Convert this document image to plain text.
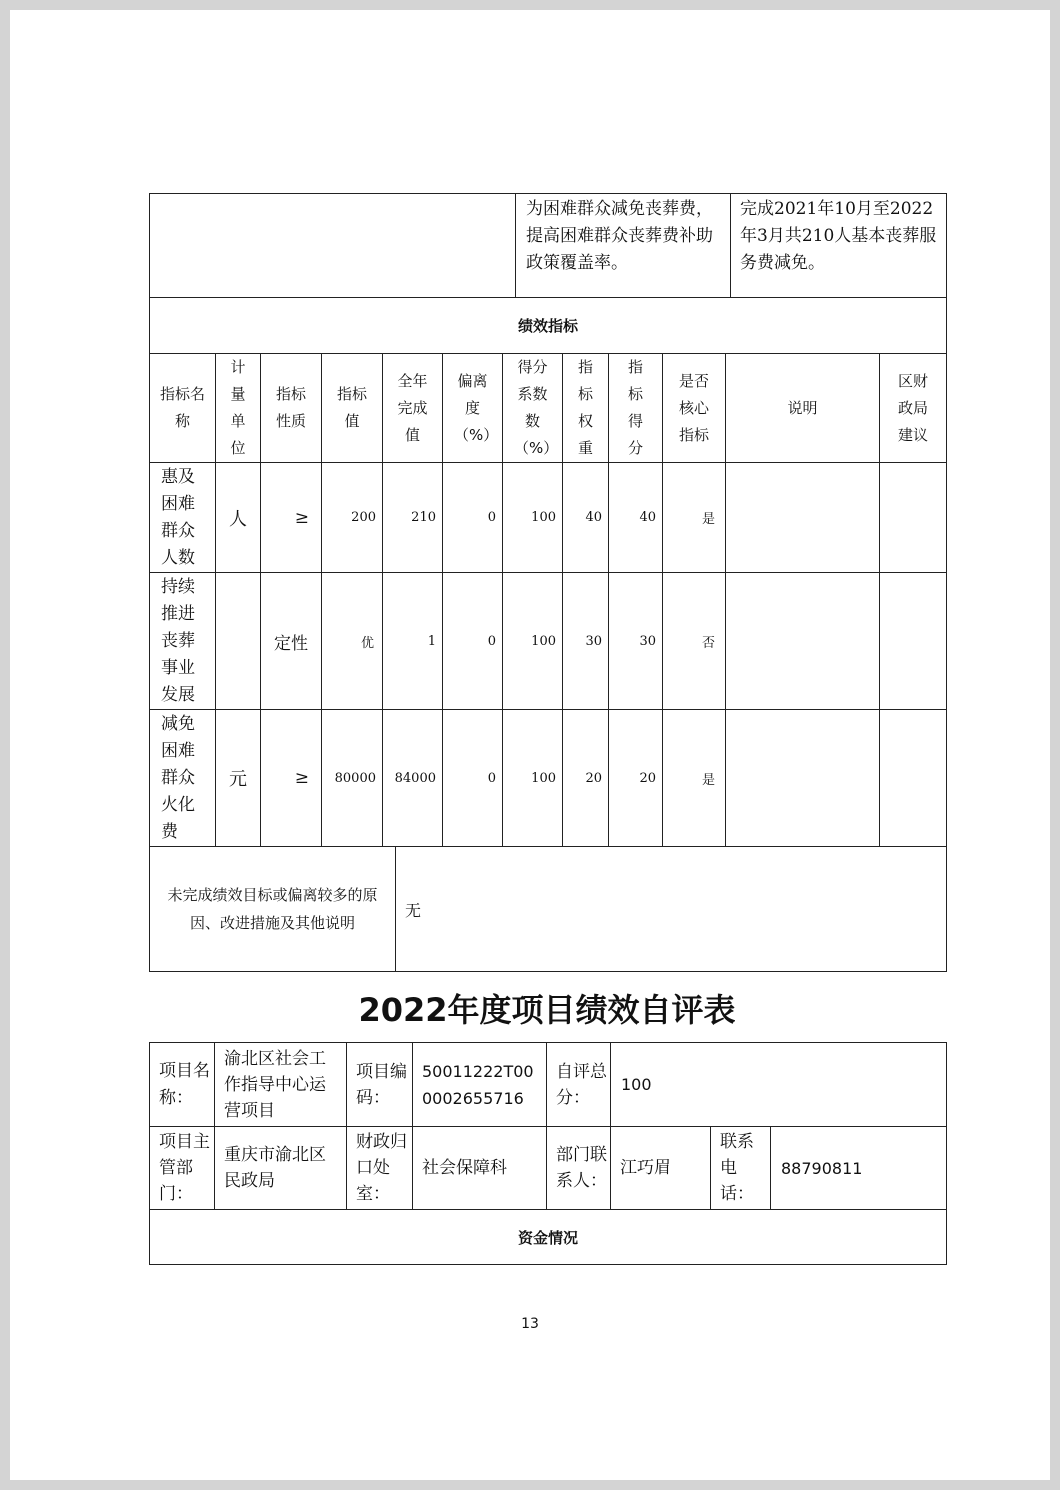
	为困难群众减免丧葬费，提高困难群众丧葬费补助政策覆盖率。	完成2021年10月至2022年3月共210人基本丧葬服务费减免。
绩效指标											
指标名称	计量单位	指标性质	指标值	全年完成值	偏离度（%）	得分系数数（%）	指标权重	指标得分	是否核心指标	说明	区财政局建议
惠及困难群众人数	人	≥	200	210	0	100	40	40	是		
持续推进丧葬事业发展		定性	优	1	0	100	30	30	否		
减免困难群众火化费	元	≥	80000	84000	0	100	20	20	是		
未完成绩效目标或偏离较多的原因、改进措施及其他说明	无
2022年度项目绩效自评表
项目名称：	渝北区社会工作指导中心运营项目	项目编码：	50011222T000002655716	自评总分：	100		
项目主管部门：	重庆市渝北区民政局	财政归口处室：	社会保障科	部门联系人：	江巧眉	联系电话：	88790811
资金情况							
13
